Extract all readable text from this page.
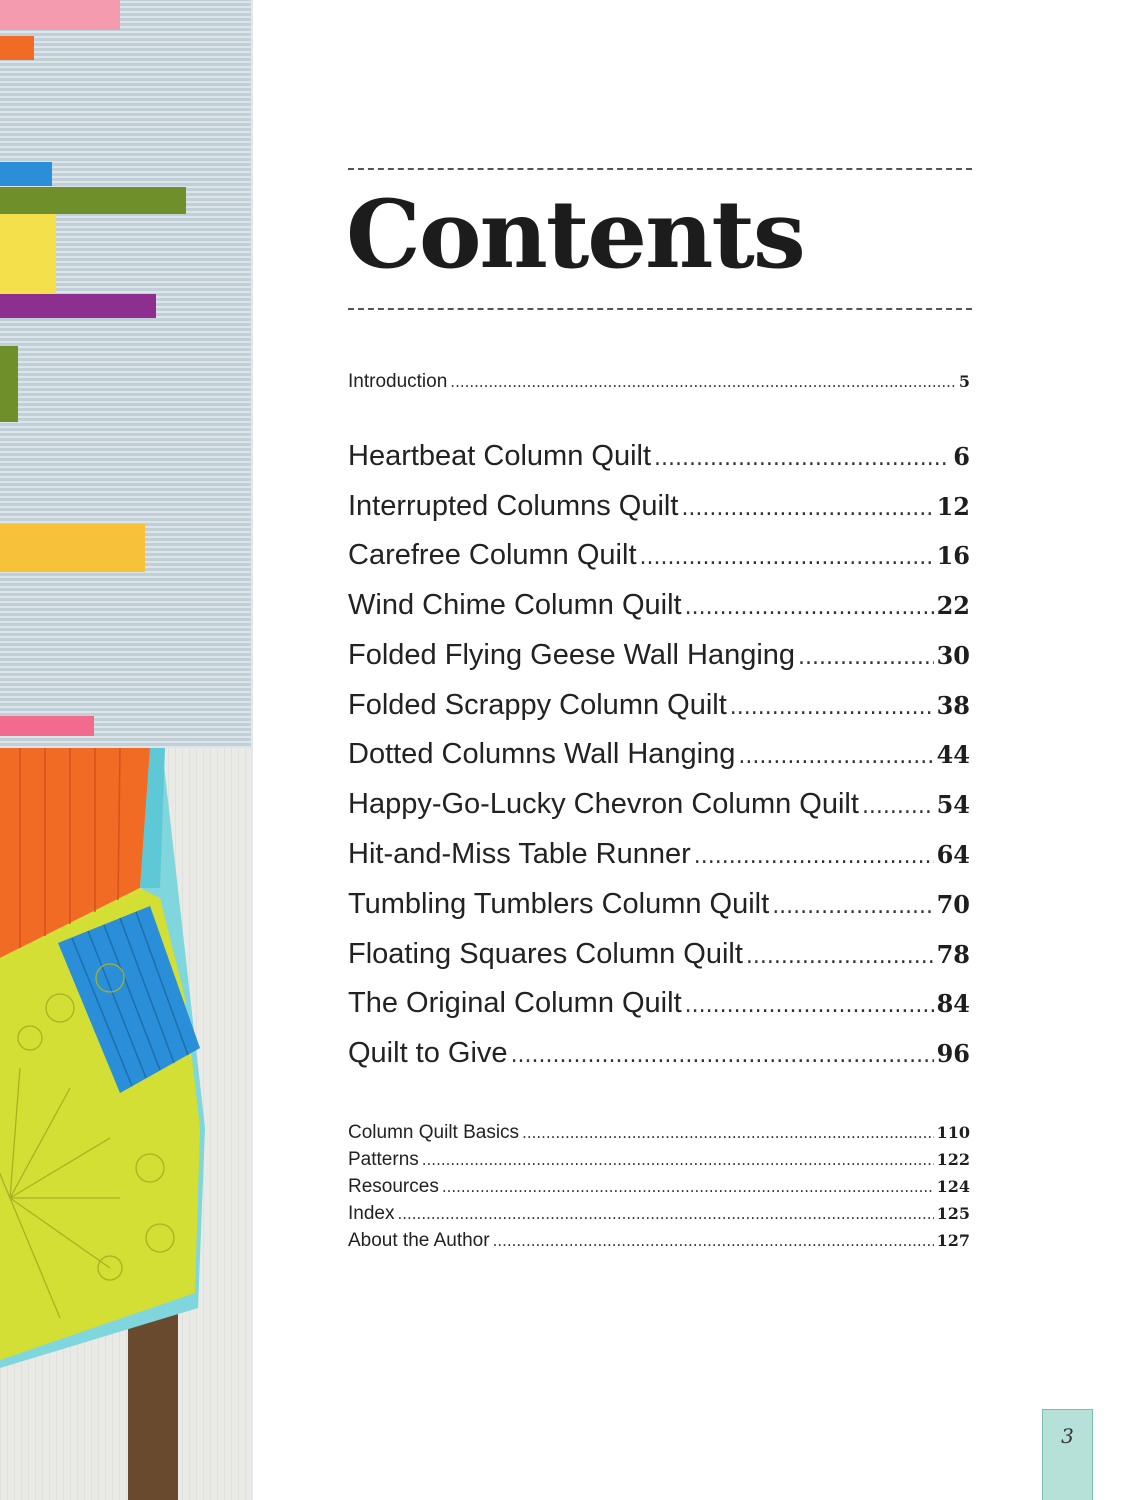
Contents
Introduction .....	5
Heartbeat Column Quilt .....	6
Interrupted Columns Quilt .....	12
Carefree Column Quilt .....	16
Wind Chime Column Quilt .....	22
Folded Flying Geese Wall Hanging .....	30
Folded Scrappy Column Quilt .....	38
Dotted Columns Wall Hanging .....	44
Happy-Go-Lucky Chevron Column Quilt .....	54
Hit-and-Miss Table Runner .....	64
Tumbling Tumblers Column Quilt .....	70
Floating Squares Column Quilt .....	78
The Original Column Quilt .....	84
Quilt to Give .....	96
Column Quilt Basics .....	110
Patterns .....	122
Resources .....	124
Index .....	125
About the Author .....	127
3
